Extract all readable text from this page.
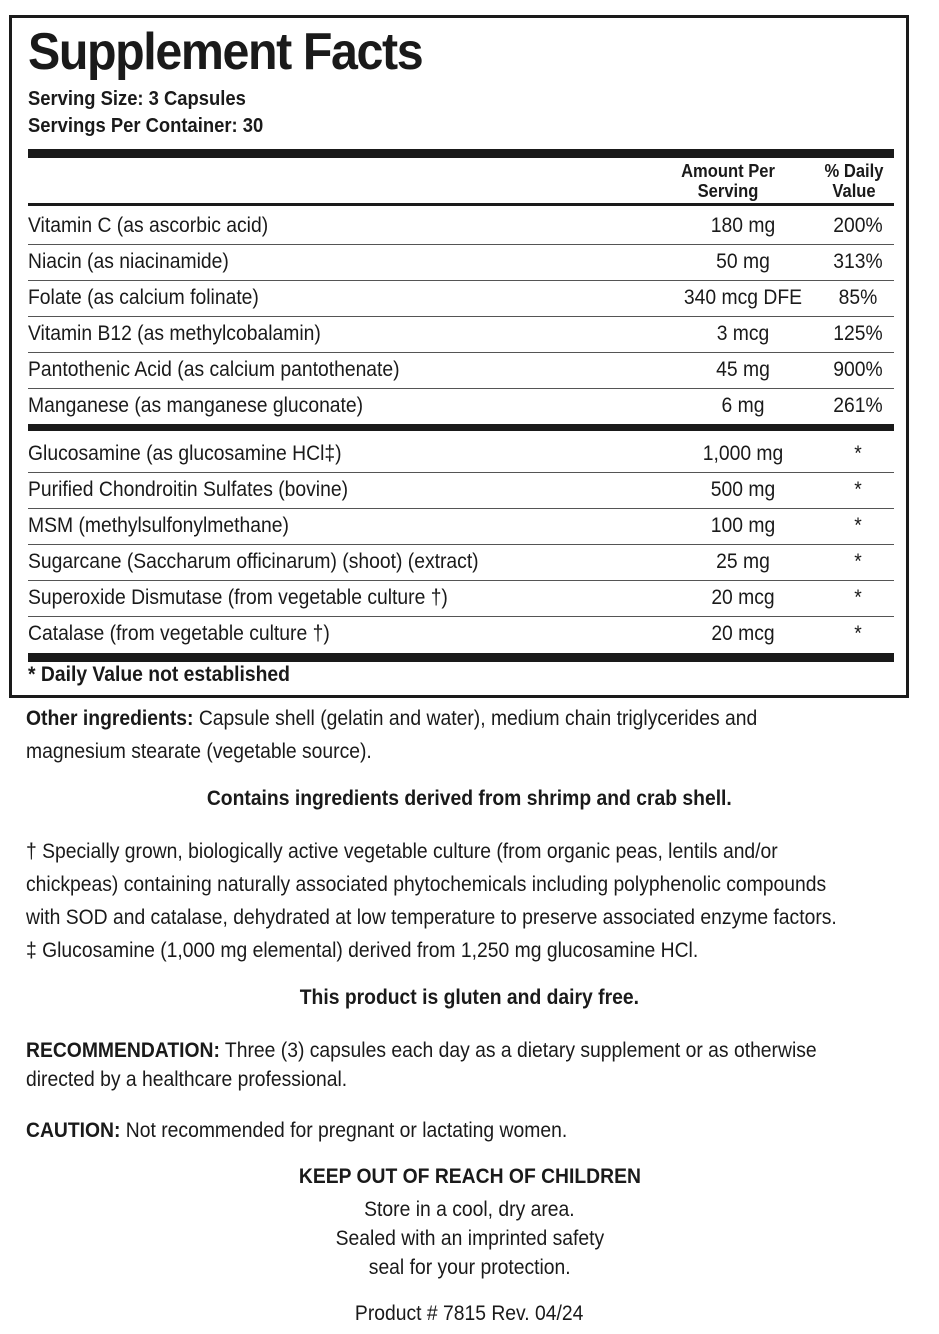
Supplement Facts
Serving Size: 3 Capsules
Servings Per Container: 30
Amount Per
Serving
% Daily
Value
Vitamin C (as ascorbic acid)	180 mg	200%
Niacin (as niacinamide)	50 mg	313%
Folate (as calcium folinate)	340 mcg DFE	85%
Vitamin B12 (as methylcobalamin)	3 mcg	125%
Pantothenic Acid (as calcium pantothenate)	45 mg	900%
Manganese (as manganese gluconate)	6 mg	261%
Glucosamine (as glucosamine HCl‡)	1,000 mg	*
Purified Chondroitin Sulfates (bovine)	500 mg	*
MSM (methylsulfonylmethane)	100 mg	*
Sugarcane (Saccharum officinarum) (shoot) (extract)	25 mg	*
Superoxide Dismutase (from vegetable culture †)	20 mcg	*
Catalase (from vegetable culture †)	20 mcg	*
* Daily Value not established
Other ingredients: Capsule shell (gelatin and water), medium chain triglycerides and magnesium stearate (vegetable source).
Contains ingredients derived from shrimp and crab shell.
† Specially grown, biologically active vegetable culture (from organic peas, lentils and/or chickpeas) containing naturally associated phytochemicals including polyphenolic compounds with SOD and catalase, dehydrated at low temperature to preserve associated enzyme factors.
‡ Glucosamine (1,000 mg elemental) derived from 1,250 mg glucosamine HCl.
This product is gluten and dairy free.
RECOMMENDATION: Three (3) capsules each day as a dietary supplement or as otherwise directed by a healthcare professional.
CAUTION: Not recommended for pregnant or lactating women.
KEEP OUT OF REACH OF CHILDREN
Store in a cool, dry area.
Sealed with an imprinted safety
seal for your protection.
Product # 7815 Rev. 04/24
